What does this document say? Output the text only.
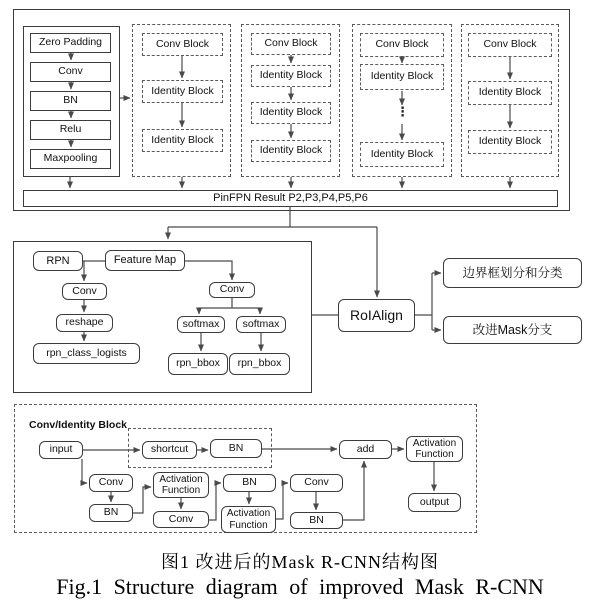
Zero Padding
Conv
BN
Relu
Maxpooling
Conv Block
Identity Block
Identity Block
Conv Block
Identity Block
Identity Block
Identity Block
Conv Block
Identity Block
⋮
Identity Block
Conv Block
Identity Block
Identity Block
PinFPN Result P2,P3,P4,P5,P6
RPN	Feature Map
Conv
reshape
rpn_class_logists
Conv
softmax softmax
rpn_bbox rpn_bbox
RoIAlign
边界框划分和分类
改进Mask分支
Conv/Identity Block
input	shortcut	BN	add	Activation Function
output
Conv
BN
Activation Function
Conv
BN
Activation Function
Conv
BN
图1 改进后的Mask R-CNN结构图
Fig.1 Structure diagram of improved Mask R-CNN
